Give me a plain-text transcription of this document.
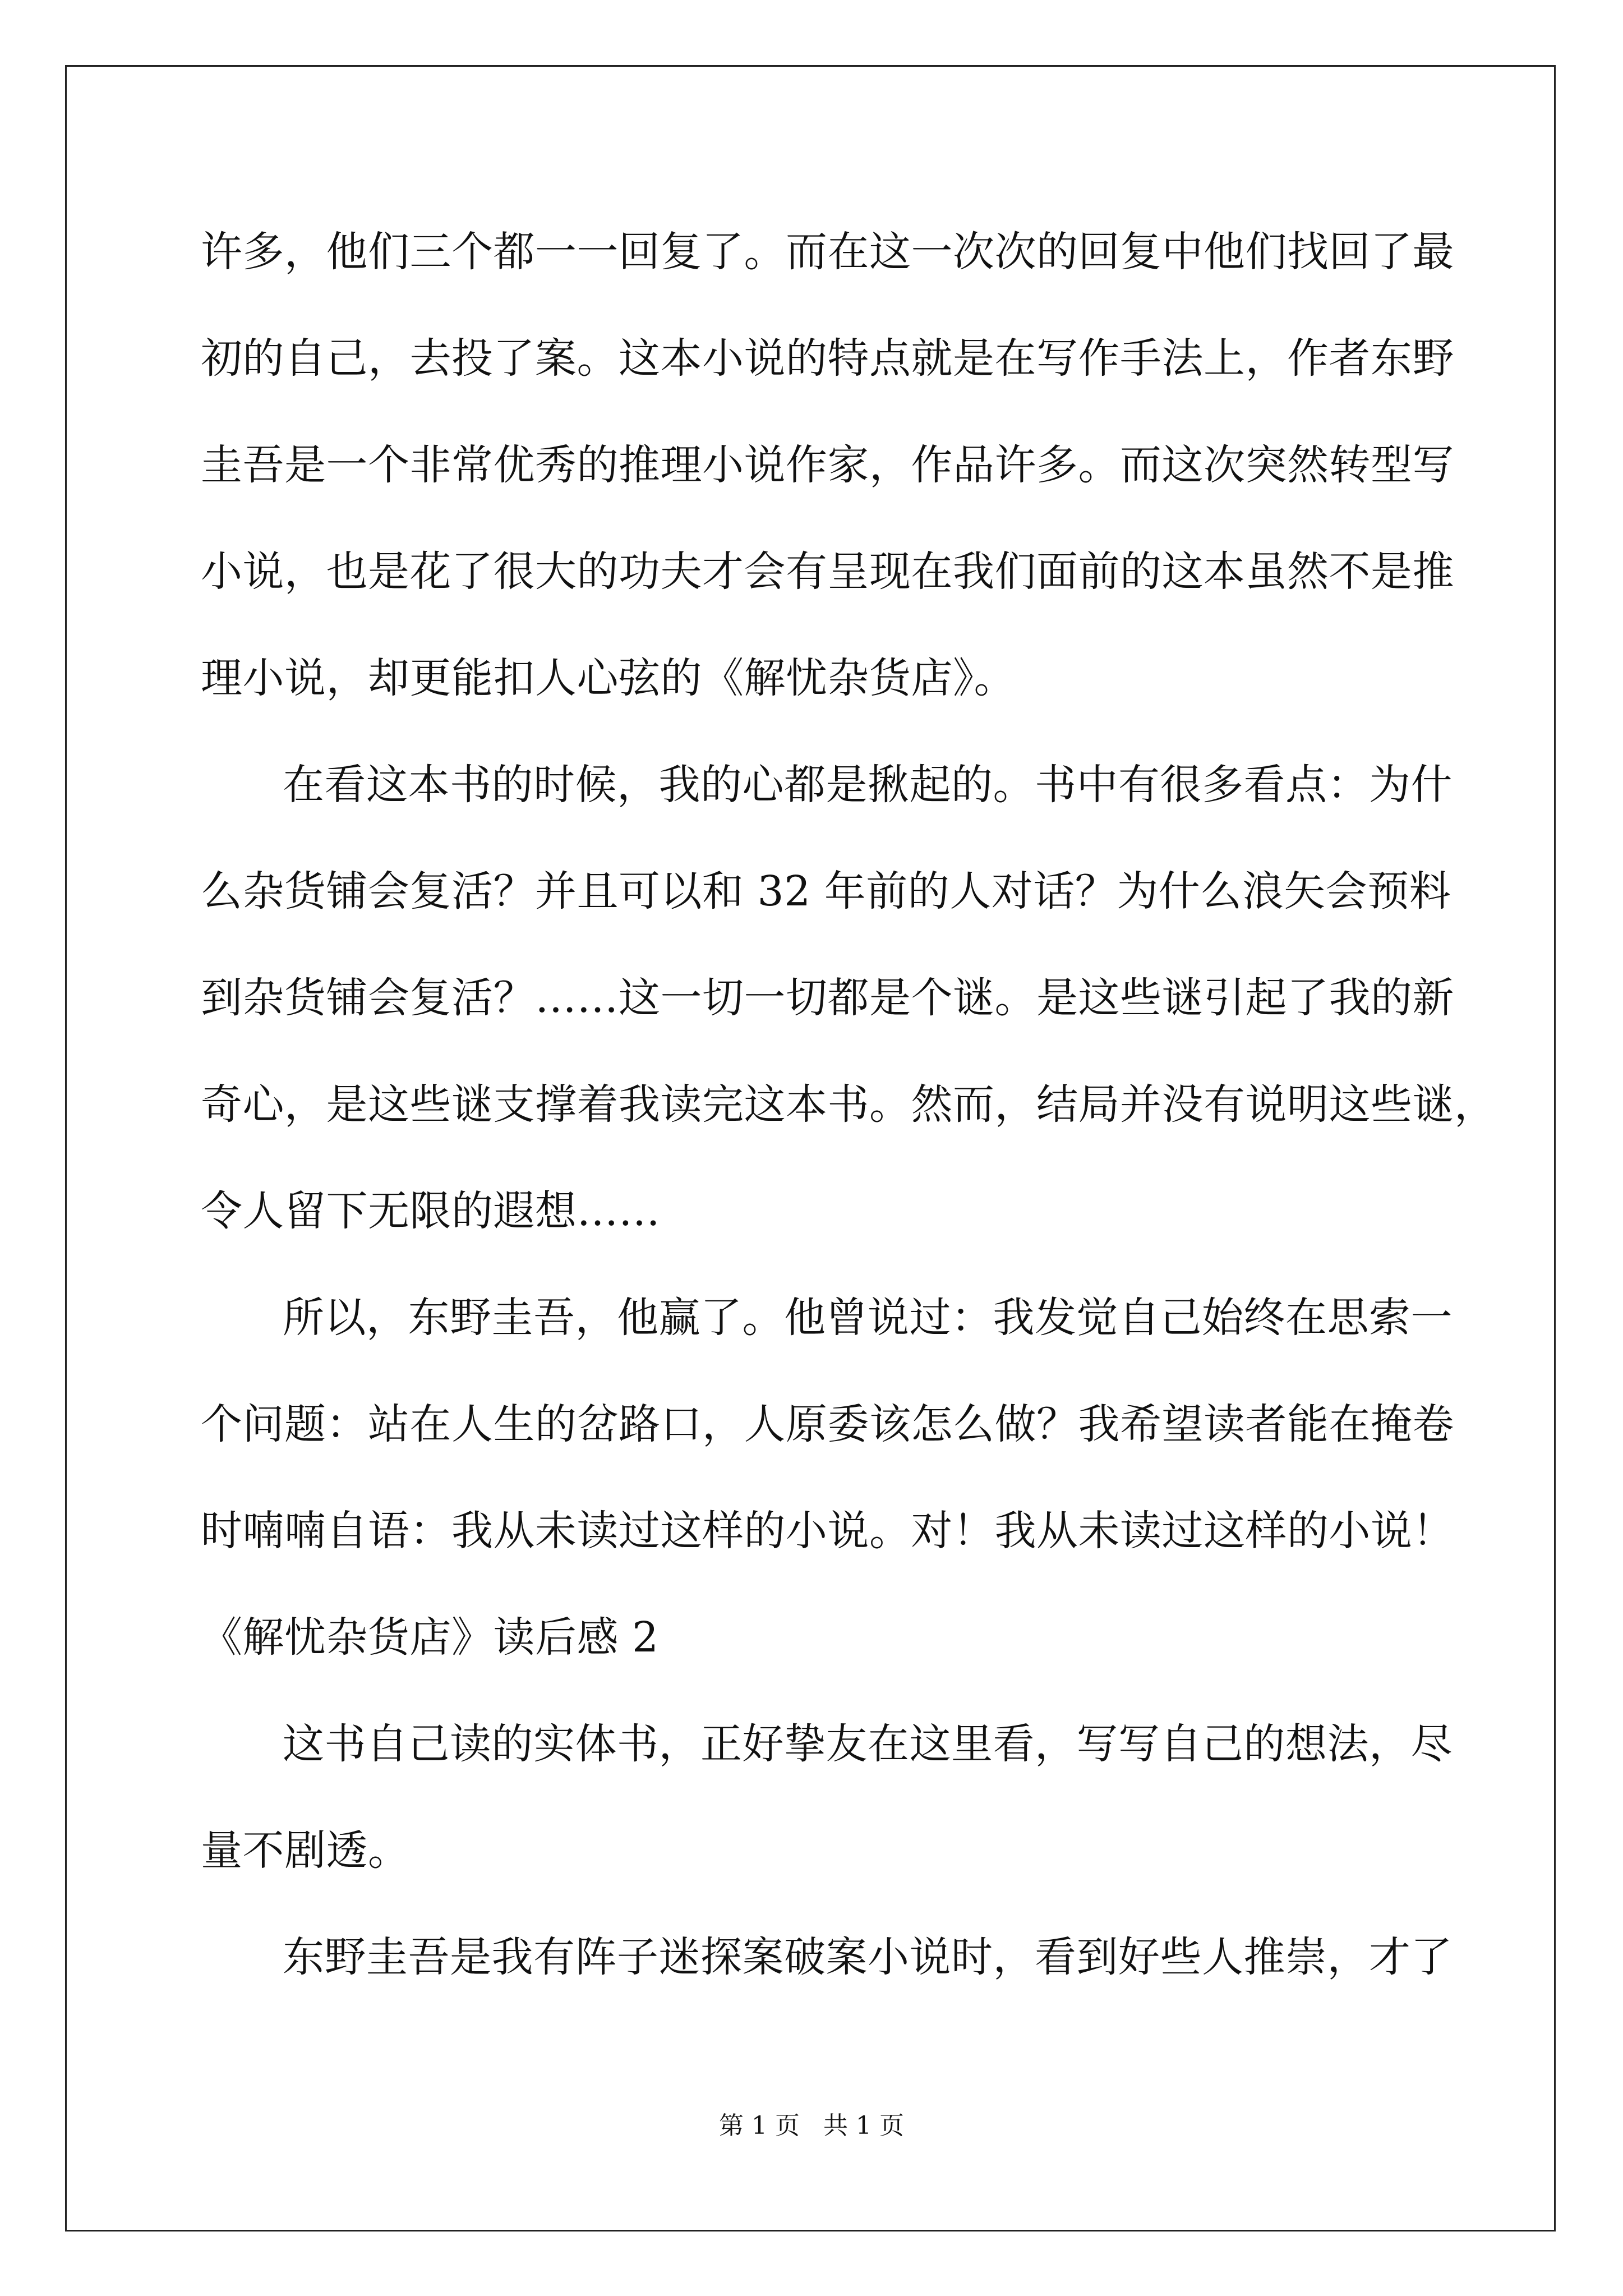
许多，他们三个都一一回复了。而在这一次次的回复中他们找回了最
初的自己，去投了案。这本小说的特点就是在写作手法上，作者东野
圭吾是一个非常优秀的推理小说作家，作品许多。而这次突然转型写
小说，也是花了很大的功夫才会有呈现在我们面前的这本虽然不是推
理小说，却更能扣人心弦的《解忧杂货店》。
在看这本书的时候，我的心都是揪起的。书中有很多看点：为什
么杂货铺会复活？并且可以和 32 年前的人对话？为什么浪矢会预料
到杂货铺会复活？……这一切一切都是个谜。是这些谜引起了我的新
奇心，是这些谜支撑着我读完这本书。然而，结局并没有说明这些谜，
令人留下无限的遐想……
所以，东野圭吾，他赢了。他曾说过：我发觉自己始终在思索一
个问题：站在人生的岔路口，人原委该怎么做？我希望读者能在掩卷
时喃喃自语：我从未读过这样的小说。对！我从未读过这样的小说！
《解忧杂货店》读后感 2
这书自己读的实体书，正好挚友在这里看，写写自己的想法，尽
量不剧透。
东野圭吾是我有阵子迷探案破案小说时，看到好些人推崇，才了
第 1 页 共 1 页
